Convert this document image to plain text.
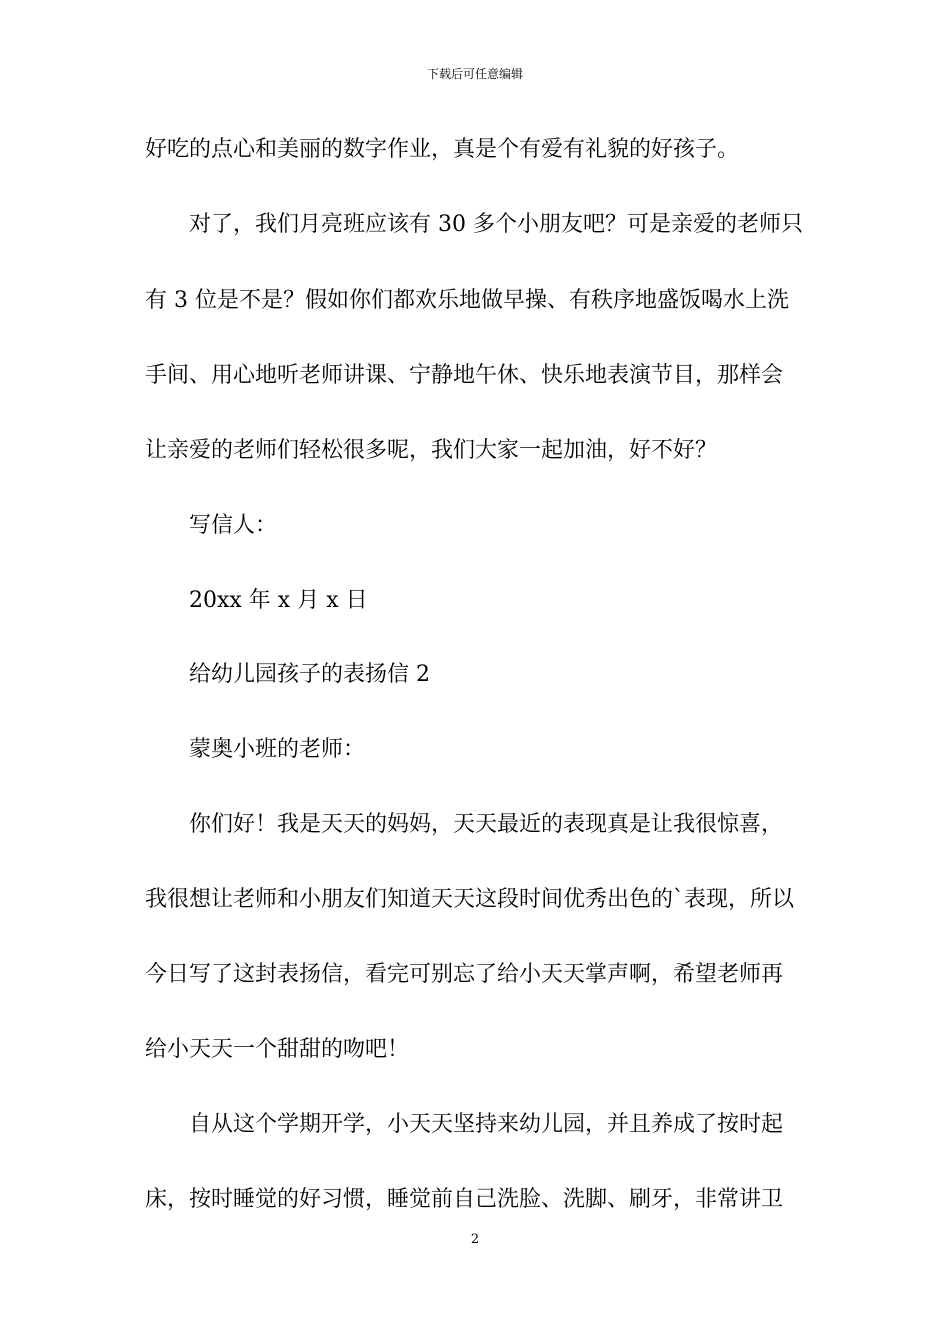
下载后可任意编辑
好吃的点心和美丽的数字作业，真是个有爱有礼貌的好孩子。
对了，我们月亮班应该有 30 多个小朋友吧？可是亲爱的老师只
有 3 位是不是？假如你们都欢乐地做早操、有秩序地盛饭喝水上洗
手间、用心地听老师讲课、宁静地午休、快乐地表演节目，那样会
让亲爱的老师们轻松很多呢，我们大家一起加油，好不好？
写信人：
20xx 年 x 月 x 日
给幼儿园孩子的表扬信 2
蒙奥小班的老师：
你们好！我是天天的妈妈，天天最近的表现真是让我很惊喜，
我很想让老师和小朋友们知道天天这段时间优秀出色的`表现，所以
今日写了这封表扬信，看完可别忘了给小天天掌声啊，希望老师再
给小天天一个甜甜的吻吧！
自从这个学期开学，小天天坚持来幼儿园，并且养成了按时起
床，按时睡觉的好习惯，睡觉前自己洗脸、洗脚、刷牙，非常讲卫
2
